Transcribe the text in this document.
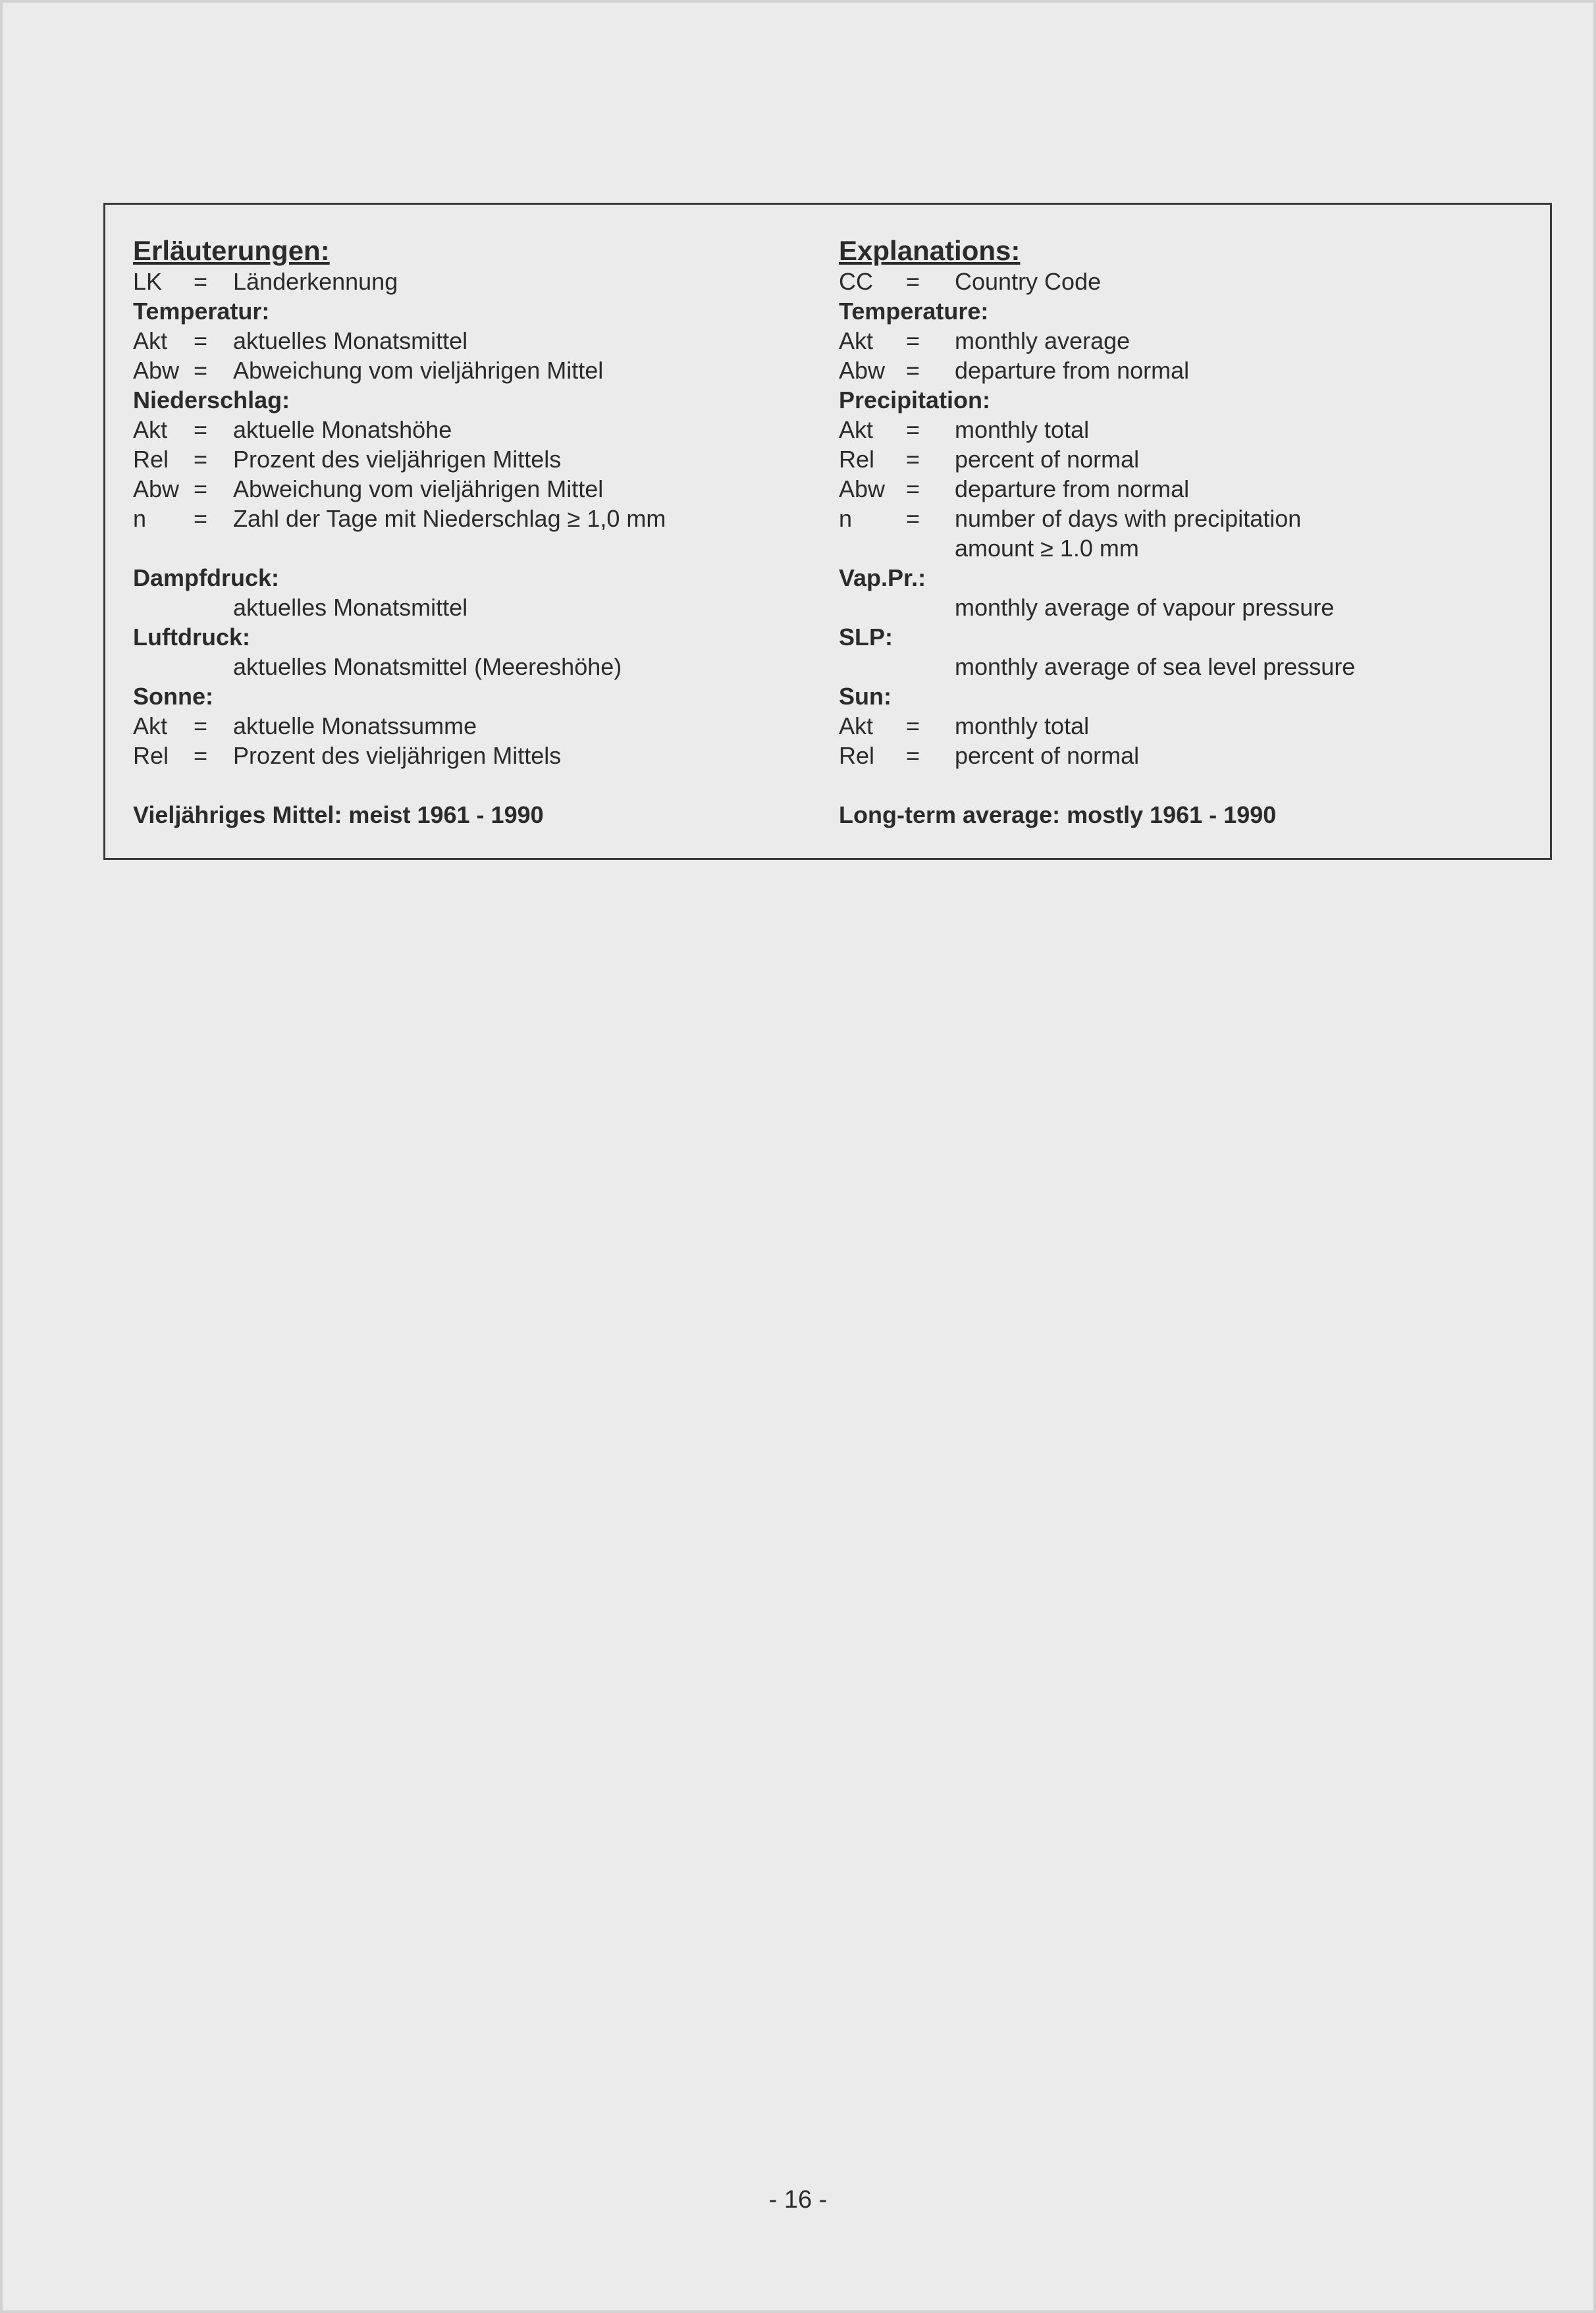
Erläuterungen:
LK = Länderkennung
Temperatur:
Akt = aktuelles Monatsmittel
Abw = Abweichung vom vieljährigen Mittel
Niederschlag:
Akt = aktuelle Monatshöhe
Rel = Prozent des vieljährigen Mittels
Abw = Abweichung vom vieljährigen Mittel
n = Zahl der Tage mit Niederschlag ≥ 1,0 mm
Dampfdruck:
aktuelles Monatsmittel
Luftdruck:
aktuelles Monatsmittel (Meereshöhe)
Sonne:
Akt = aktuelle Monatssumme
Rel = Prozent des vieljährigen Mittels
Vieljähriges Mittel: meist 1961 - 1990
Explanations:
CC = Country Code
Temperature:
Akt = monthly average
Abw = departure from normal
Precipitation:
Akt = monthly total
Rel = percent of normal
Abw = departure from normal
n = number of days with precipitation
amount ≥ 1.0 mm
Vap.Pr.:
monthly average of vapour pressure
SLP:
monthly average of sea level pressure
Sun:
Akt = monthly total
Rel = percent of normal
Long-term average: mostly 1961 - 1990
- 16 -
